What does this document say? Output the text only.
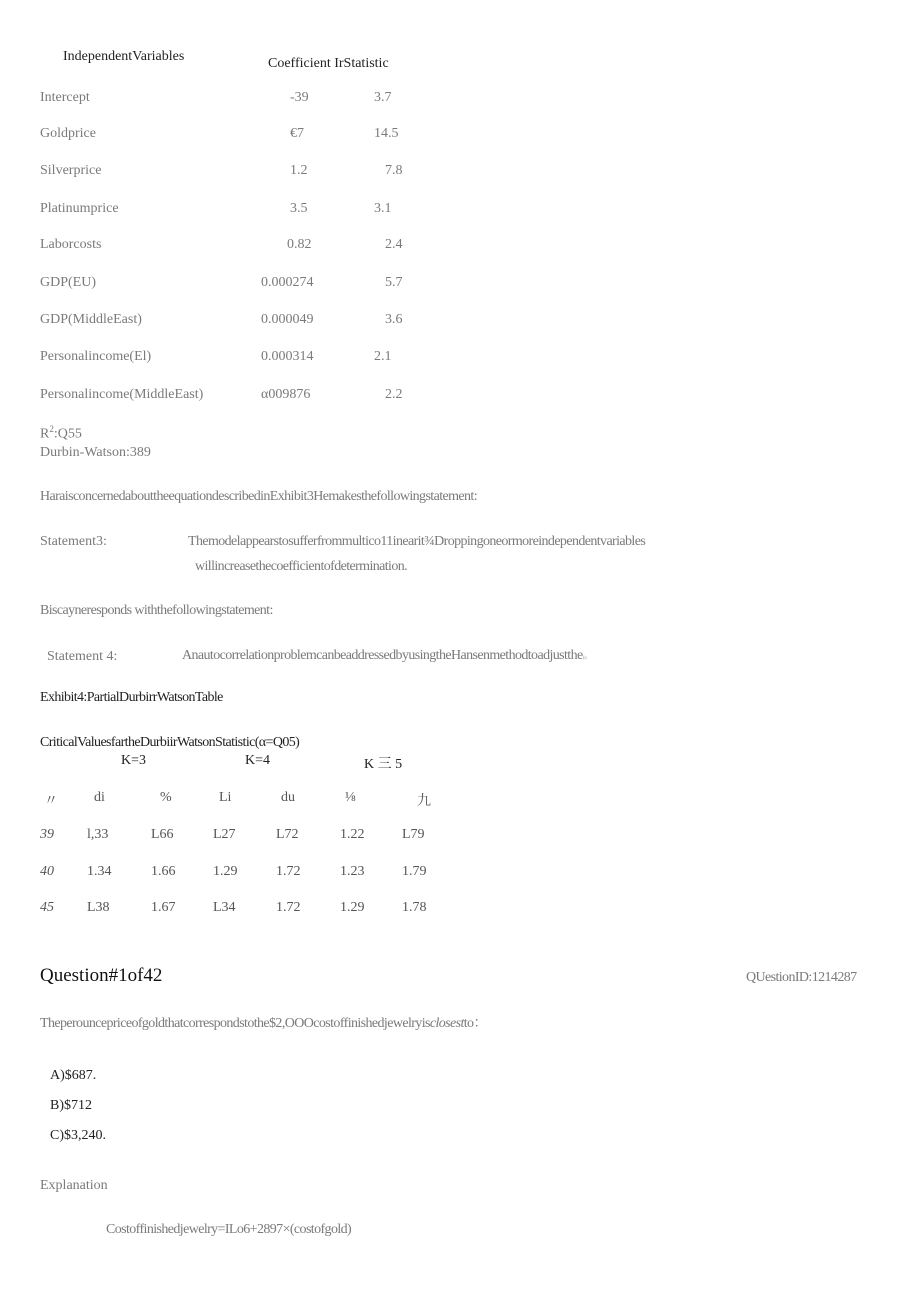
IndependentVariables	Coefficient IrStatistic
Intercept	-39	3.7
Goldprice	€7	14.5
Silverprice	1.2	7.8
Platinumprice	3.5	3.1
Laborcosts	0.82	2.4
GDP(EU)	0.000274	5.7
GDP(MiddleEast)	0.000049	3.6
Personalincome(El)	0.000314	2.1
Personalincome(MiddleEast)	α009876	2.2
$R^2:Q55$
Durbin-Watson:389
HaraisconcernedabouttheequationdescribedinExhibit3Hemakesthefollowingstatement:
Statement3:	Themodelappearstosufferfrommultico11inearit¾Droppingoneormoreindependentvariables
willincreasethecoefficientofdetermination.
Biscayneresponds withthefollowingstatement:
Statement 4:	AnautocorrelationproblemcanbeaddressedbyusingtheHansenmethodtoadjustthe₍ₛ
Exhibit4:PartialDurbirrWatsonTable
CriticalValuesfartheDurbiirWatsonStatistic(α=Q05)
K=3	K=4	K 三 5
〃	di	%	Li	du	⅛	九
39 l,33	L66	L27	L72	1.22	L79
40 1.34	1.66	1.29	1.72	1.23	1.79
45 L38	1.67	L34	1.72	1.29	1.78
Question#1of42	QUestionID:1214287
Theperouncepriceofgoldthatcorrespondstothe$2,OOOcostoffinishedjewelryisclosestto：
A)$687.
B)$712
C)$3,240.
Explanation
Costoffinishedjewelry=ILo6+2897×(costofgold)
